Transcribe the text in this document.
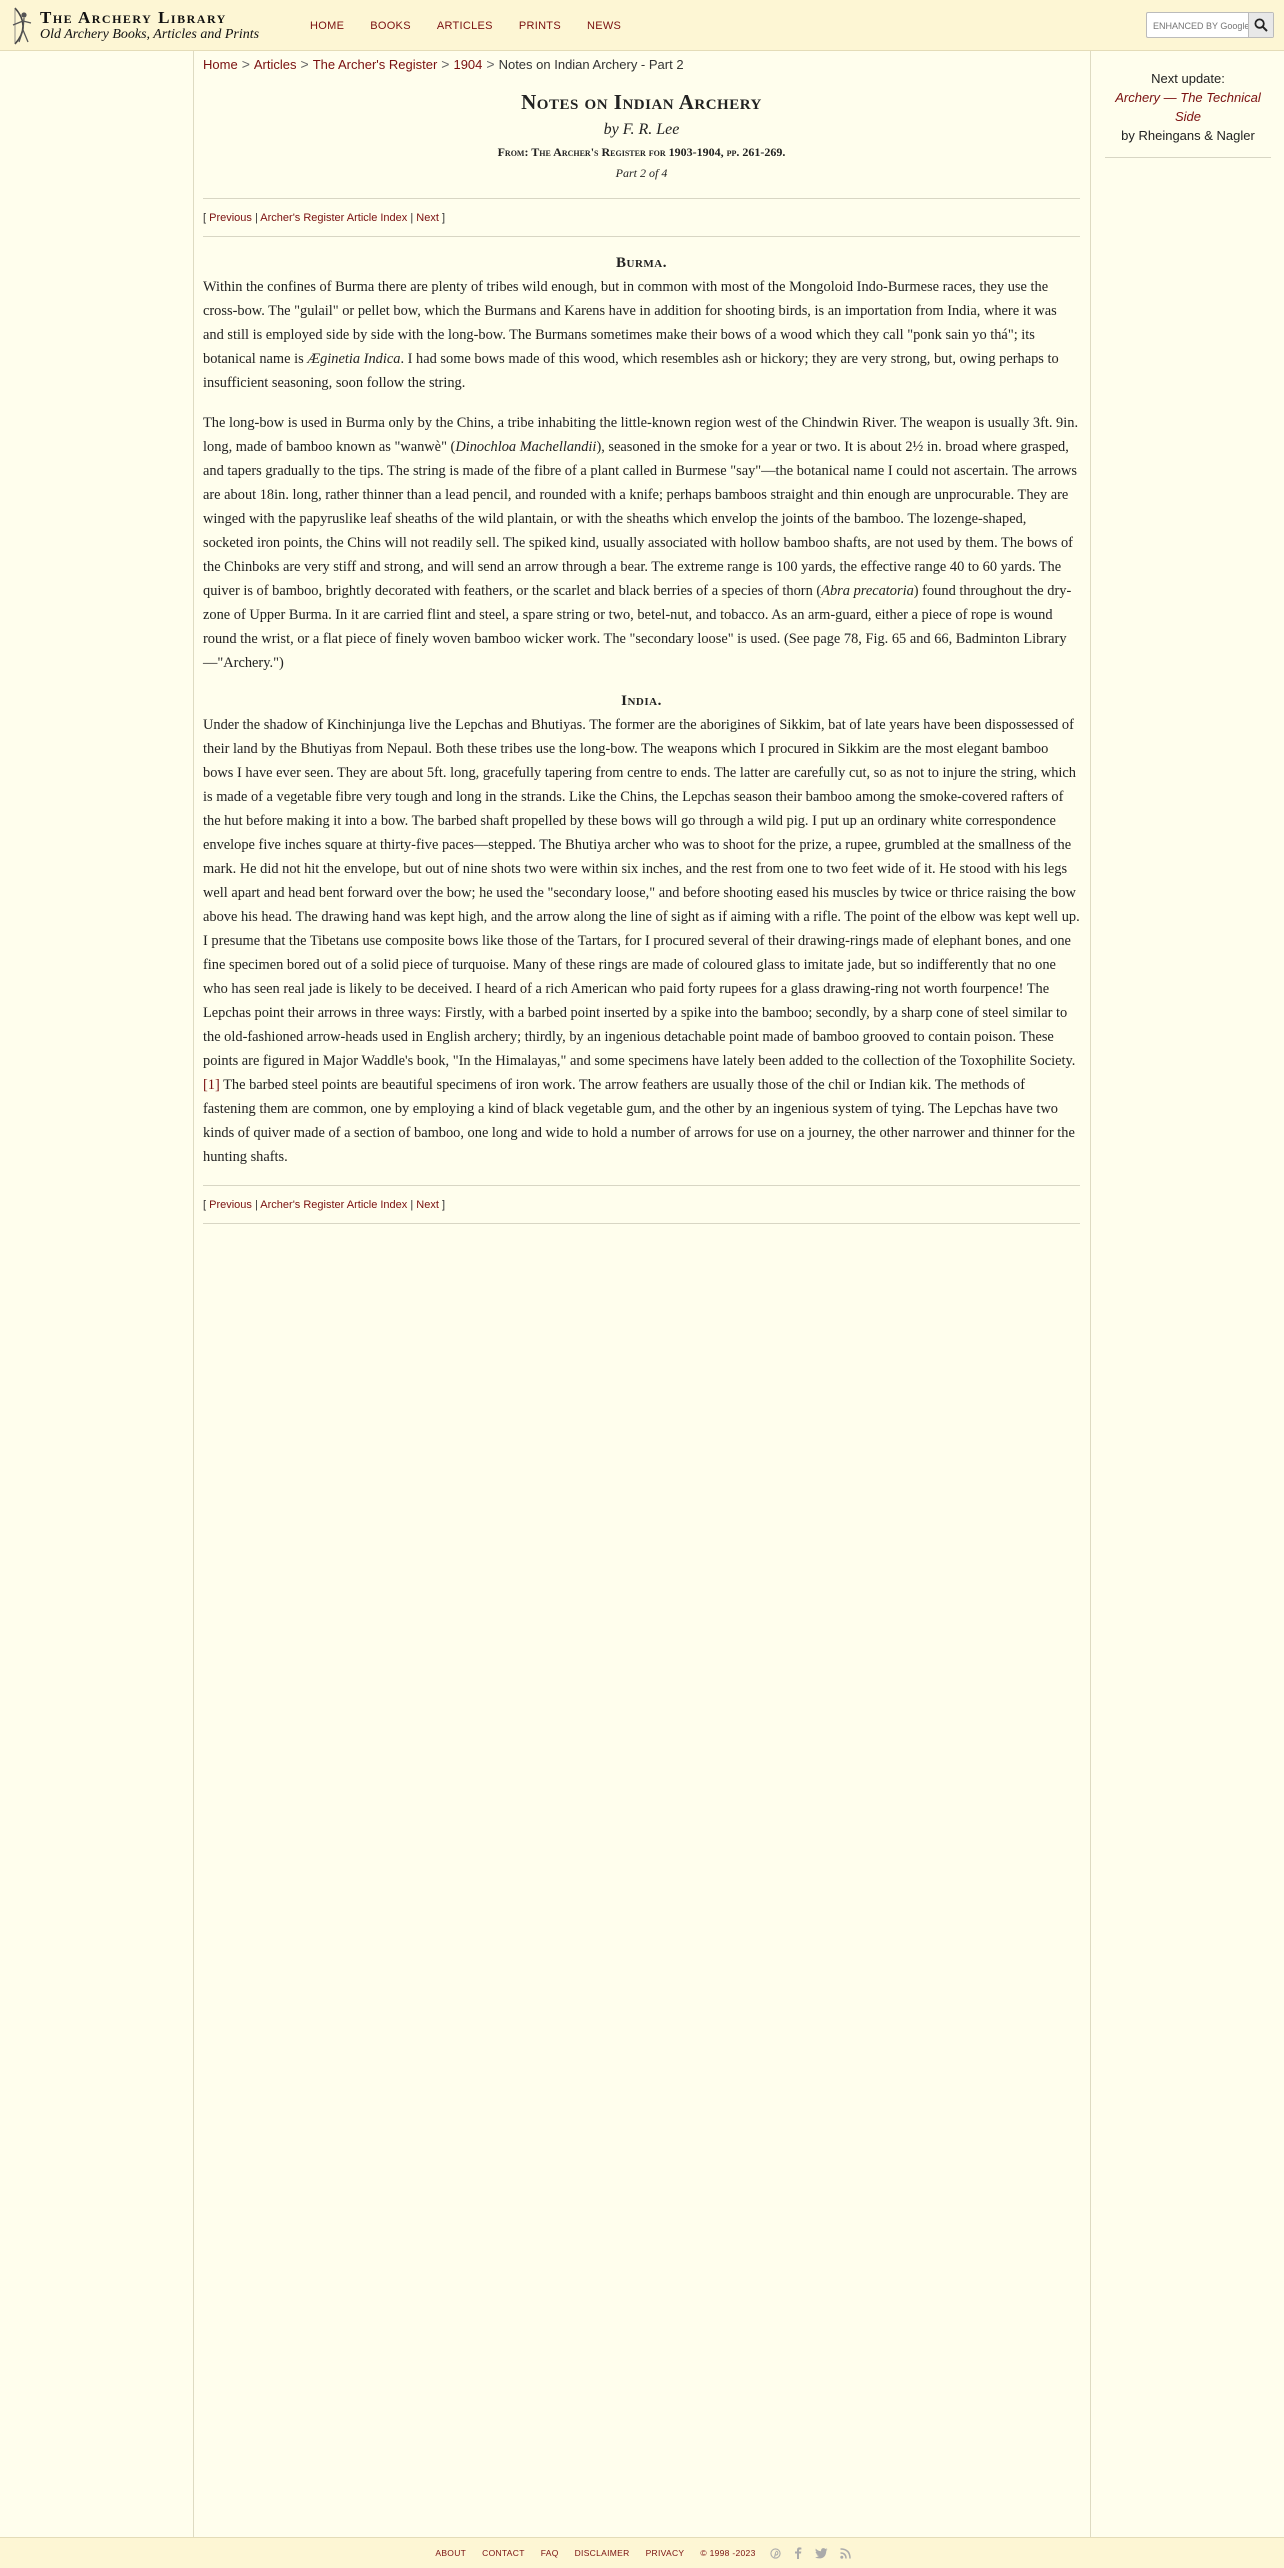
The Archery Library
Old Archery Books, Articles and Prints
HOME BOOKS ARTICLES PRINTS NEWS
ENHANCED BY Google
Home > Articles > The Archer's Register > 1904 > Notes on Indian Archery - Part 2
Notes on Indian Archery
by F. R. Lee
From: The Archer's Register for 1903-1904, pp. 261-269.
Part 2 of 4
[ Previous | Archer's Register Article Index | Next ]
Burma.

Within the confines of Burma there are plenty of tribes wild enough, but in common with most of the Mongoloid Indo-Burmese races, they use the cross-bow. The "gulail" or pellet bow, which the Burmans and Karens have in addition for shooting birds, is an importation from India, where it was and still is employed side by side with the long-bow. The Burmans sometimes make their bows of a wood which they call "ponk sain yo thá"; its botanical name is Æginetia Indica. I had some bows made of this wood, which resembles ash or hickory; they are very strong, but, owing perhaps to insufficient seasoning, soon follow the string.

The long-bow is used in Burma only by the Chins, a tribe inhabiting the little-known region west of the Chindwin River. The weapon is usually 3ft. 9in. long, made of bamboo known as "wanwè" (Dinochloa Machellandii), seasoned in the smoke for a year or two. It is about 2½ in. broad where grasped, and tapers gradually to the tips. The string is made of the fibre of a plant called in Burmese "say"—the botanical name I could not ascertain. The arrows are about 18in. long, rather thinner than a lead pencil, and rounded with a knife; perhaps bamboos straight and thin enough are unprocurable. They are winged with the papyruslike leaf sheaths of the wild plantain, or with the sheaths which envelop the joints of the bamboo. The lozenge-shaped, socketed iron points, the Chins will not readily sell. The spiked kind, usually associated with hollow bamboo shafts, are not used by them. The bows of the Chinboks are very stiff and strong, and will send an arrow through a bear. The extreme range is 100 yards, the effective range 40 to 60 yards. The quiver is of bamboo, brightly decorated with feathers, or the scarlet and black berries of a species of thorn (Abra precatoria) found throughout the dry-zone of Upper Burma. In it are carried flint and steel, a spare string or two, betel-nut, and tobacco. As an arm-guard, either a piece of rope is wound round the wrist, or a flat piece of finely woven bamboo wicker work. The "secondary loose" is used. (See page 78, Fig. 65 and 66, Badminton Library —"Archery.")

India.

Under the shadow of Kinchinjunga live the Lepchas and Bhutiyas. The former are the aborigines of Sikkim, bat of late years have been dispossessed of their land by the Bhutiyas from Nepaul. Both these tribes use the long-bow. The weapons which I procured in Sikkim are the most elegant bamboo bows I have ever seen. They are about 5ft. long, gracefully tapering from centre to ends. The latter are carefully cut, so as not to injure the string, which is made of a vegetable fibre very tough and long in the strands. Like the Chins, the Lepchas season their bamboo among the smoke-covered rafters of the hut before making it into a bow. The barbed shaft propelled by these bows will go through a wild pig. I put up an ordinary white correspondence envelope five inches square at thirty-five paces—stepped. The Bhutiya archer who was to shoot for the prize, a rupee, grumbled at the smallness of the mark. He did not hit the envelope, but out of nine shots two were within six inches, and the rest from one to two feet wide of it. He stood with his legs well apart and head bent forward over the bow; he used the "secondary loose," and before shooting eased his muscles by twice or thrice raising the bow above his head. The drawing hand was kept high, and the arrow along the line of sight as if aiming with a rifle. The point of the elbow was kept well up. I presume that the Tibetans use composite bows like those of the Tartars, for I procured several of their drawing-rings made of elephant bones, and one fine specimen bored out of a solid piece of turquoise. Many of these rings are made of coloured glass to imitate jade, but so indifferently that no one who has seen real jade is likely to be deceived. I heard of a rich American who paid forty rupees for a glass drawing-ring not worth fourpence! The Lepchas point their arrows in three ways: Firstly, with a barbed point inserted by a spike into the bamboo; secondly, by a sharp cone of steel similar to the old-fashioned arrow-heads used in English archery; thirdly, by an ingenious detachable point made of bamboo grooved to contain poison. These points are figured in Major Waddle's book, "In the Himalayas," and some specimens have lately been added to the collection of the Toxophilite Society.[1] The barbed steel points are beautiful specimens of iron work. The arrow feathers are usually those of the chil or Indian kik. The methods of fastening them are common, one by employing a kind of black vegetable gum, and the other by an ingenious system of tying. The Lepchas have two kinds of quiver made of a section of bamboo, one long and wide to hold a number of arrows for use on a journey, the other narrower and thinner for the hunting shafts.

[ Previous | Archer's Register Article Index | Next ]
Next update:
Archery — The Technical Side
by Rheingans & Nagler
ABOUT CONTACT FAQ DISCLAIMER PRIVACY © 1998 -2023
